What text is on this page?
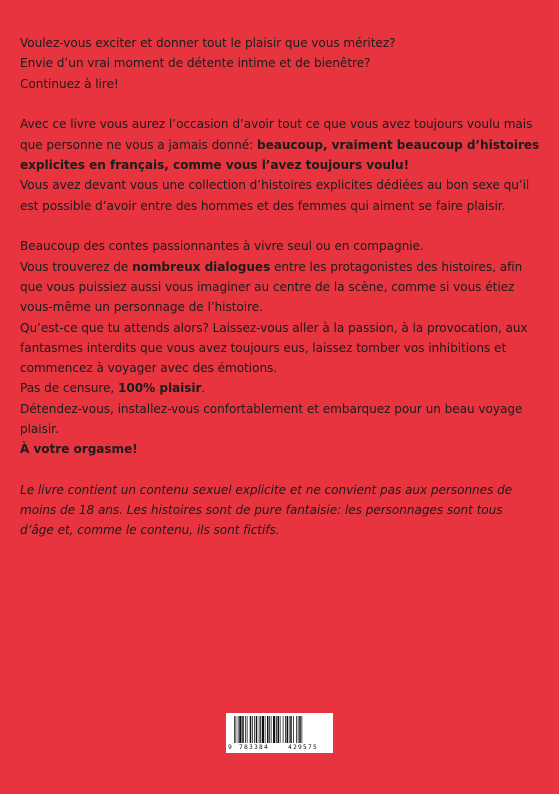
Voulez-vous exciter et donner tout le plaisir que vous méritez?

Envie d’un vrai moment de détente intime et de bienêtre?

Continuez à lire!

Avec ce livre vous aurez l’occasion d’avoir tout ce que vous avez toujours voulu mais que personne ne vous a jamais donné: beaucoup, vraiment beaucoup d’histoires explicites en français, comme vous l’avez toujours voulu!

Vous avez devant vous une collection d’histoires explicites dédiées au bon sexe qu’il est possible d’avoir entre des hommes et des femmes qui aiment se faire plaisir.

Beaucoup des contes passionnantes à vivre seul ou en compagnie.

Vous trouverez de nombreux dialogues entre les protagonistes des histoires, afin que vous puissiez aussi vous imaginer au centre de la scène, comme si vous étiez vous-même un personnage de l’histoire.

Qu’est-ce que tu attends alors? Laissez-vous aller à la passion, à la provocation, aux fantasmes interdits que vous avez toujours eus, laissez tomber vos inhibitions et commencez à voyager avec des émotions.

Pas de censure, 100% plaisir.

Détendez-vous, installez-vous confortablement et embarquez pour un beau voyage plaisir.

À votre orgasme!

Le livre contient un contenu sexuel explicite et ne convient pas aux personnes de moins de 18 ans. Les histoires sont de pure fantaisie: les personnages sont tous d’âge et, comme le contenu, ils sont fictifs.

9 783384	429575
